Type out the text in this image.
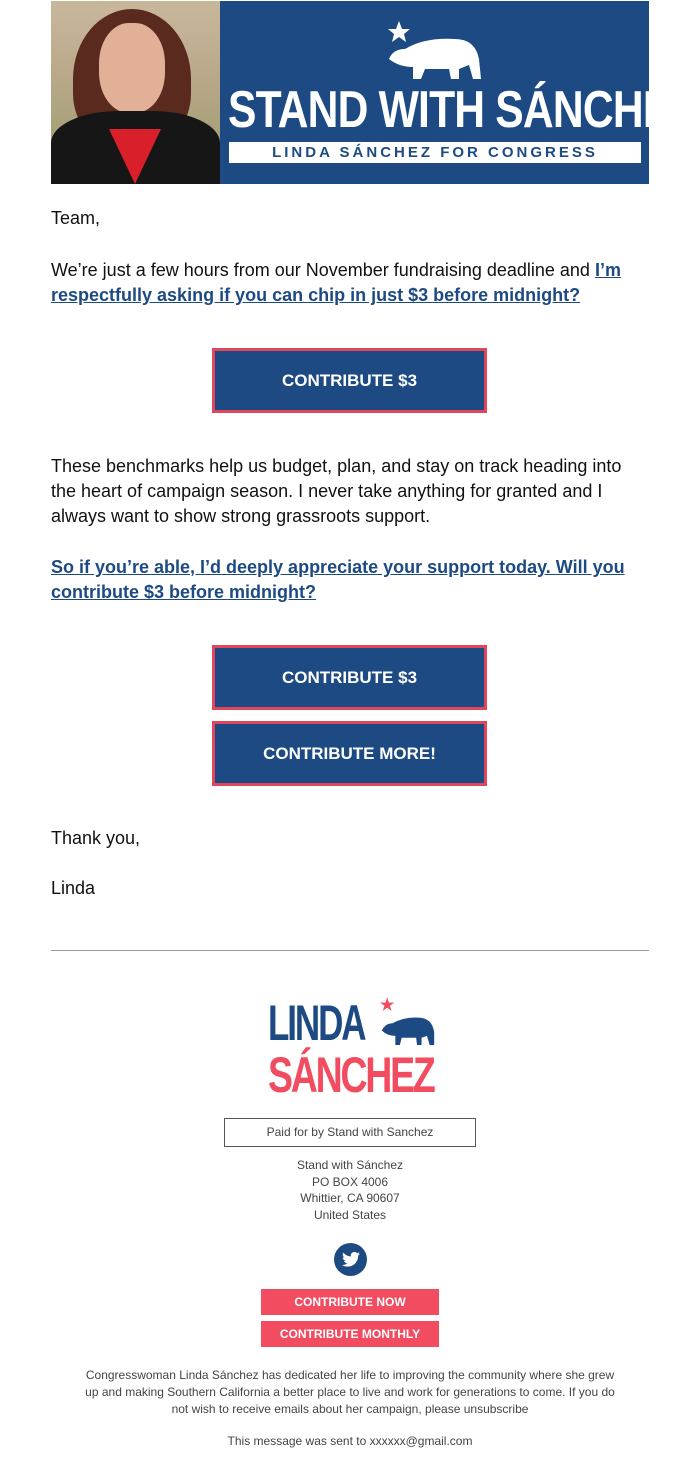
STAND WITH SÁNCHEZ
LINDA SÁNCHEZ FOR CONGRESS
Team,
We’re just a few hours from our November fundraising deadline and I’m respectfully asking if you can chip in just $3 before midnight?
CONTRIBUTE $3
These benchmarks help us budget, plan, and stay on track heading into the heart of campaign season. I never take anything for granted and I always want to show strong grassroots support.
So if you’re able, I’d deeply appreciate your support today. Will you contribute $3 before midnight?
CONTRIBUTE $3
CONTRIBUTE MORE!
Thank you,
Linda
LINDA ★
SÁNCHEZ
Paid for by Stand with Sanchez
Stand with Sánchez
PO BOX 4006
Whittier, CA 90607
United States
CONTRIBUTE NOW
CONTRIBUTE MONTHLY
Congresswoman Linda Sánchez has dedicated her life to improving the community where she grew up and making Southern California a better place to live and work for generations to come. If you do not wish to receive emails about her campaign, please unsubscribe
This message was sent to xxxxxx@gmail.com
